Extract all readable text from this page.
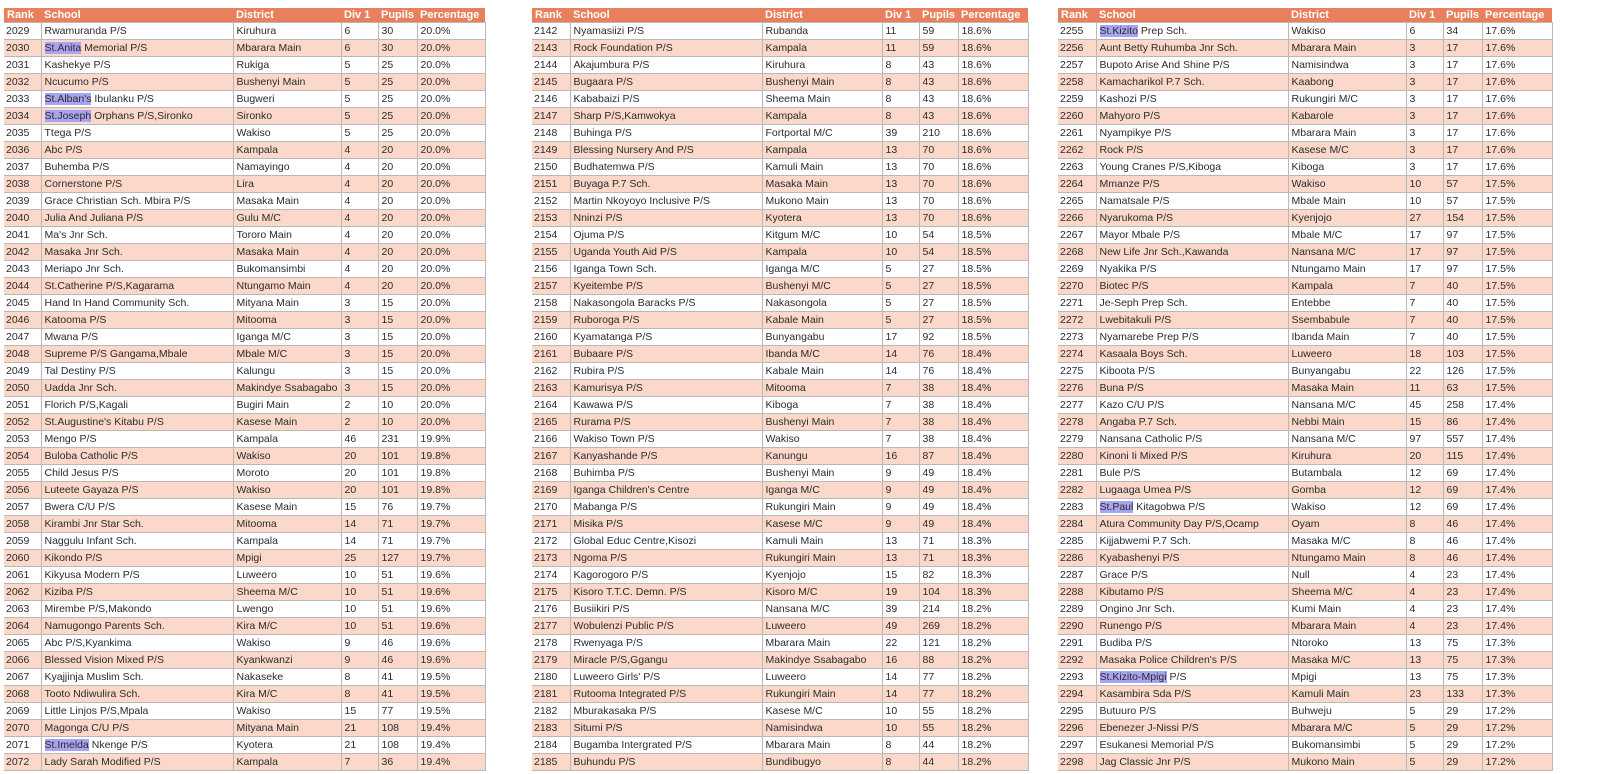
Rank	School	District	Div 1	Pupils	Percentage
2029	Rwamuranda P/S	Kiruhura	6	30	20.0%
2030	St.Anita Memorial P/S	Mbarara Main	6	30	20.0%
2031	Kashekye P/S	Rukiga	5	25	20.0%
2032	Ncucumo P/S	Bushenyi Main	5	25	20.0%
2033	St.Alban's Ibulanku P/S	Bugweri	5	25	20.0%
2034	St.Joseph Orphans P/S,Sironko	Sironko	5	25	20.0%
2035	Ttega P/S	Wakiso	5	25	20.0%
2036	Abc P/S	Kampala	4	20	20.0%
2037	Buhemba P/S	Namayingo	4	20	20.0%
2038	Cornerstone P/S	Lira	4	20	20.0%
2039	Grace Christian Sch. Mbira P/S	Masaka Main	4	20	20.0%
2040	Julia And Juliana P/S	Gulu M/C	4	20	20.0%
2041	Ma's Jnr Sch.	Tororo Main	4	20	20.0%
2042	Masaka Jnr Sch.	Masaka Main	4	20	20.0%
2043	Meriapo Jnr Sch.	Bukomansimbi	4	20	20.0%
2044	St.Catherine P/S,Kagarama	Ntungamo Main	4	20	20.0%
2045	Hand In Hand Community Sch.	Mityana Main	3	15	20.0%
2046	Katooma P/S	Mitooma	3	15	20.0%
2047	Mwana P/S	Iganga M/C	3	15	20.0%
2048	Supreme P/S Gangama,Mbale	Mbale M/C	3	15	20.0%
2049	Tal Destiny P/S	Kalungu	3	15	20.0%
2050	Uadda Jnr Sch.	Makindye Ssabagabo	3	15	20.0%
2051	Florich P/S,Kagali	Bugiri Main	2	10	20.0%
2052	St.Augustine's Kitabu P/S	Kasese Main	2	10	20.0%
2053	Mengo P/S	Kampala	46	231	19.9%
2054	Buloba Catholic P/S	Wakiso	20	101	19.8%
2055	Child Jesus P/S	Moroto	20	101	19.8%
2056	Luteete Gayaza P/S	Wakiso	20	101	19.8%
2057	Bwera C/U P/S	Kasese Main	15	76	19.7%
2058	Kirambi Jnr Star Sch.	Mitooma	14	71	19.7%
2059	Naggulu Infant Sch.	Kampala	14	71	19.7%
2060	Kikondo P/S	Mpigi	25	127	19.7%
2061	Kikyusa Modern P/S	Luweero	10	51	19.6%
2062	Kiziba P/S	Sheema M/C	10	51	19.6%
2063	Mirembe P/S,Makondo	Lwengo	10	51	19.6%
2064	Namugongo Parents Sch.	Kira M/C	10	51	19.6%
2065	Abc P/S,Kyankima	Wakiso	9	46	19.6%
2066	Blessed Vision Mixed P/S	Kyankwanzi	9	46	19.6%
2067	Kyajjinja Muslim Sch.	Nakaseke	8	41	19.5%
2068	Tooto Ndiwulira Sch.	Kira M/C	8	41	19.5%
2069	Little Linjos P/S,Mpala	Wakiso	15	77	19.5%
2070	Magonga C/U P/S	Mityana Main	21	108	19.4%
2071	St.Imelda Nkenge P/S	Kyotera	21	108	19.4%
2072	Lady Sarah Modified P/S	Kampala	7	36	19.4%
Rank	School	District	Div 1	Pupils	Percentage
2142	Nyamasiizi P/S	Rubanda	11	59	18.6%
2143	Rock Foundation P/S	Kampala	11	59	18.6%
2144	Akajumbura P/S	Kiruhura	8	43	18.6%
2145	Bugaara P/S	Bushenyi Main	8	43	18.6%
2146	Kababaizi P/S	Sheema Main	8	43	18.6%
2147	Sharp P/S,Kamwokya	Kampala	8	43	18.6%
2148	Buhinga P/S	Fortportal M/C	39	210	18.6%
2149	Blessing Nursery And P/S	Kampala	13	70	18.6%
2150	Budhatemwa P/S	Kamuli Main	13	70	18.6%
2151	Buyaga P.7 Sch.	Masaka Main	13	70	18.6%
2152	Martin Nkoyoyo Inclusive P/S	Mukono Main	13	70	18.6%
2153	Nninzi P/S	Kyotera	13	70	18.6%
2154	Ojuma P/S	Kitgum M/C	10	54	18.5%
2155	Uganda Youth Aid P/S	Kampala	10	54	18.5%
2156	Iganga Town Sch.	Iganga M/C	5	27	18.5%
2157	Kyeitembe P/S	Bushenyi M/C	5	27	18.5%
2158	Nakasongola Baracks P/S	Nakasongola	5	27	18.5%
2159	Ruboroga P/S	Kabale Main	5	27	18.5%
2160	Kyamatanga P/S	Bunyangabu	17	92	18.5%
2161	Bubaare P/S	Ibanda M/C	14	76	18.4%
2162	Rubira P/S	Kabale Main	14	76	18.4%
2163	Kamurisya P/S	Mitooma	7	38	18.4%
2164	Kawawa P/S	Kiboga	7	38	18.4%
2165	Rurama P/S	Bushenyi Main	7	38	18.4%
2166	Wakiso Town P/S	Wakiso	7	38	18.4%
2167	Kanyashande P/S	Kanungu	16	87	18.4%
2168	Buhimba P/S	Bushenyi Main	9	49	18.4%
2169	Iganga Children's Centre	Iganga M/C	9	49	18.4%
2170	Mabanga P/S	Rukungiri Main	9	49	18.4%
2171	Misika P/S	Kasese M/C	9	49	18.4%
2172	Global Educ Centre,Kisozi	Kamuli Main	13	71	18.3%
2173	Ngoma P/S	Rukungiri Main	13	71	18.3%
2174	Kagorogoro P/S	Kyenjojo	15	82	18.3%
2175	Kisoro T.T.C. Demn. P/S	Kisoro M/C	19	104	18.3%
2176	Busiikiri P/S	Nansana M/C	39	214	18.2%
2177	Wobulenzi Public P/S	Luweero	49	269	18.2%
2178	Rwenyaga P/S	Mbarara Main	22	121	18.2%
2179	Miracle P/S,Ggangu	Makindye Ssabagabo	16	88	18.2%
2180	Luweero Girls' P/S	Luweero	14	77	18.2%
2181	Rutooma Integrated P/S	Rukungiri Main	14	77	18.2%
2182	Mburakasaka P/S	Kasese M/C	10	55	18.2%
2183	Situmi P/S	Namisindwa	10	55	18.2%
2184	Bugamba Intergrated P/S	Mbarara Main	8	44	18.2%
2185	Buhundu P/S	Bundibugyo	8	44	18.2%
Rank	School	District	Div 1	Pupils	Percentage
2255	St.Kizito Prep Sch.	Wakiso	6	34	17.6%
2256	Aunt Betty Ruhumba Jnr Sch.	Mbarara Main	3	17	17.6%
2257	Bupoto Arise And Shine P/S	Namisindwa	3	17	17.6%
2258	Kamacharikol P.7 Sch.	Kaabong	3	17	17.6%
2259	Kashozi P/S	Rukungiri M/C	3	17	17.6%
2260	Mahyoro P/S	Kabarole	3	17	17.6%
2261	Nyampikye P/S	Mbarara Main	3	17	17.6%
2262	Rock P/S	Kasese M/C	3	17	17.6%
2263	Young Cranes P/S,Kiboga	Kiboga	3	17	17.6%
2264	Mmanze P/S	Wakiso	10	57	17.5%
2265	Namatsale P/S	Mbale Main	10	57	17.5%
2266	Nyarukoma P/S	Kyenjojo	27	154	17.5%
2267	Mayor Mbale P/S	Mbale M/C	17	97	17.5%
2268	New Life Jnr Sch.,Kawanda	Nansana M/C	17	97	17.5%
2269	Nyakika P/S	Ntungamo Main	17	97	17.5%
2270	Biotec P/S	Kampala	7	40	17.5%
2271	Je-Seph Prep Sch.	Entebbe	7	40	17.5%
2272	Lwebitakuli P/S	Ssembabule	7	40	17.5%
2273	Nyamarebe Prep P/S	Ibanda Main	7	40	17.5%
2274	Kasaala Boys Sch.	Luweero	18	103	17.5%
2275	Kiboota P/S	Bunyangabu	22	126	17.5%
2276	Buna P/S	Masaka Main	11	63	17.5%
2277	Kazo C/U P/S	Nansana M/C	45	258	17.4%
2278	Angaba P.7 Sch.	Nebbi Main	15	86	17.4%
2279	Nansana Catholic P/S	Nansana M/C	97	557	17.4%
2280	Kinoni Ii Mixed P/S	Kiruhura	20	115	17.4%
2281	Bule P/S	Butambala	12	69	17.4%
2282	Lugaaga Umea P/S	Gomba	12	69	17.4%
2283	St.Paul Kitagobwa P/S	Wakiso	12	69	17.4%
2284	Atura Community Day P/S,Ocamp	Oyam	8	46	17.4%
2285	Kijjabwemi P.7 Sch.	Masaka M/C	8	46	17.4%
2286	Kyabashenyi P/S	Ntungamo Main	8	46	17.4%
2287	Grace P/S	Null	4	23	17.4%
2288	Kibutamo P/S	Sheema M/C	4	23	17.4%
2289	Ongino Jnr Sch.	Kumi Main	4	23	17.4%
2290	Runengo P/S	Mbarara Main	4	23	17.4%
2291	Budiba P/S	Ntoroko	13	75	17.3%
2292	Masaka Police Children's P/S	Masaka M/C	13	75	17.3%
2293	St.Kizito-Mpigi P/S	Mpigi	13	75	17.3%
2294	Kasambira Sda P/S	Kamuli Main	23	133	17.3%
2295	Butuuro P/S	Buhweju	5	29	17.2%
2296	Ebenezer J-Nissi P/S	Mbarara M/C	5	29	17.2%
2297	Esukanesi Memorial P/S	Bukomansimbi	5	29	17.2%
2298	Jag Classic Jnr P/S	Mukono Main	5	29	17.2%
